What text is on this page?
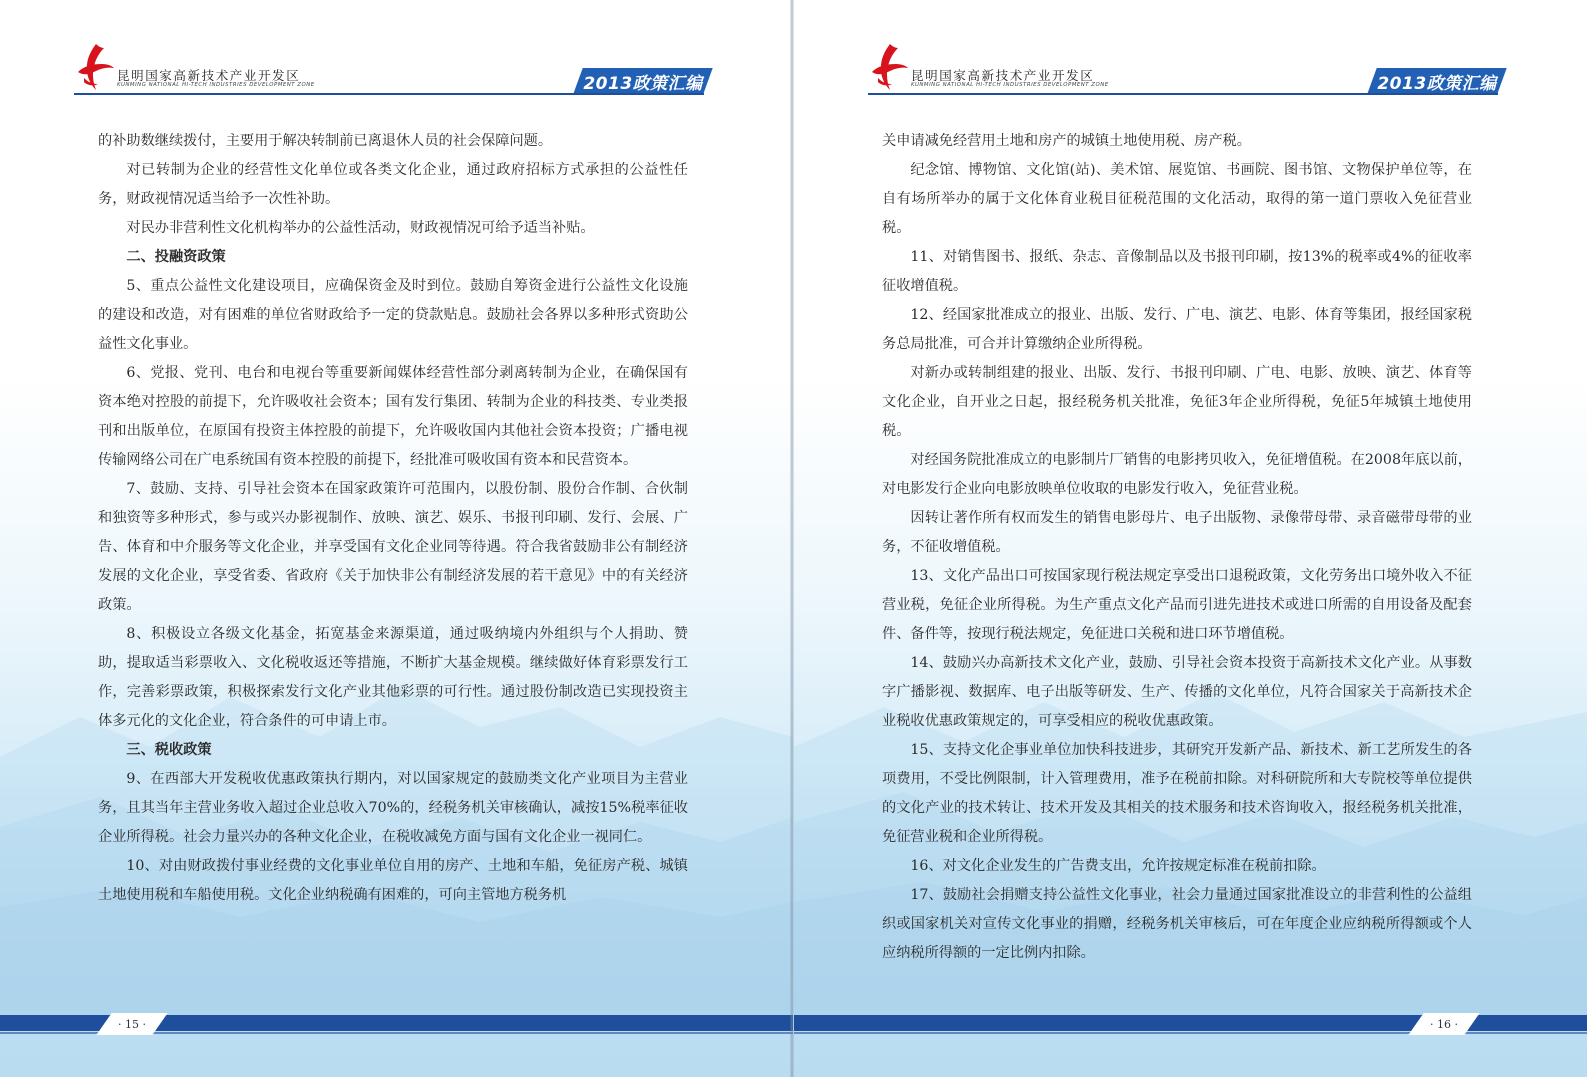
昆明国家高新技术产业开发区
KUNMING NATIONAL HI-TECH INDUSTRIES DEVELOPMENT ZONE	2013政策汇编

的补助数继续拨付，主要用于解决转制前已离退休人员的社会保障问题。

对已转制为企业的经营性文化单位或各类文化企业，通过政府招标方式承担的公益性任务，财政视情况适当给予一次性补助。

对民办非营利性文化机构举办的公益性活动，财政视情况可给予适当补贴。

二、投融资政策

5、重点公益性文化建设项目，应确保资金及时到位。鼓励自筹资金进行公益性文化设施的建设和改造，对有困难的单位省财政给予一定的贷款贴息。鼓励社会各界以多种形式资助公益性文化事业。

6、党报、党刊、电台和电视台等重要新闻媒体经营性部分剥离转制为企业，在确保国有资本绝对控股的前提下，允许吸收社会资本；国有发行集团、转制为企业的科技类、专业类报刊和出版单位，在原国有投资主体控股的前提下，允许吸收国内其他社会资本投资；广播电视传输网络公司在广电系统国有资本控股的前提下，经批准可吸收国有资本和民营资本。

7、鼓励、支持、引导社会资本在国家政策许可范围内，以股份制、股份合作制、合伙制和独资等多种形式，参与或兴办影视制作、放映、演艺、娱乐、书报刊印刷、发行、会展、广告、体育和中介服务等文化企业，并享受国有文化企业同等待遇。符合我省鼓励非公有制经济发展的文化企业，享受省委、省政府《关于加快非公有制经济发展的若干意见》中的有关经济政策。

8、积极设立各级文化基金，拓宽基金来源渠道，通过吸纳境内外组织与个人捐助、赞助，提取适当彩票收入、文化税收返还等措施，不断扩大基金规模。继续做好体育彩票发行工作，完善彩票政策，积极探索发行文化产业其他彩票的可行性。通过股份制改造已实现投资主体多元化的文化企业，符合条件的可申请上市。

三、税收政策

9、在西部大开发税收优惠政策执行期内，对以国家规定的鼓励类文化产业项目为主营业务，且其当年主营业务收入超过企业总收入70%的，经税务机关审核确认，减按15%税率征收企业所得税。社会力量兴办的各种文化企业，在税收减免方面与国有文化企业一视同仁。

10、对由财政拨付事业经费的文化事业单位自用的房产、土地和车船，免征房产税、城镇土地使用税和车船使用税。文化企业纳税确有困难的，可向主管地方税务机

· 15 ·
昆明国家高新技术产业开发区
KUNMING NATIONAL HI-TECH INDUSTRIES DEVELOPMENT ZONE	2013政策汇编

关申请减免经营用土地和房产的城镇土地使用税、房产税。

纪念馆、博物馆、文化馆(站)、美术馆、展览馆、书画院、图书馆、文物保护单位等，在自有场所举办的属于文化体育业税目征税范围的文化活动，取得的第一道门票收入免征营业税。

11、对销售图书、报纸、杂志、音像制品以及书报刊印刷，按13%的税率或4%的征收率征收增值税。

12、经国家批准成立的报业、出版、发行、广电、演艺、电影、体育等集团，报经国家税务总局批准，可合并计算缴纳企业所得税。

对新办或转制组建的报业、出版、发行、书报刊印刷、广电、电影、放映、演艺、体育等文化企业，自开业之日起，报经税务机关批准，免征3年企业所得税，免征5年城镇土地使用税。

对经国务院批准成立的电影制片厂销售的电影拷贝收入，免征增值税。在2008年底以前，对电影发行企业向电影放映单位收取的电影发行收入，免征营业税。

因转让著作所有权而发生的销售电影母片、电子出版物、录像带母带、录音磁带母带的业务，不征收增值税。

13、文化产品出口可按国家现行税法规定享受出口退税政策，文化劳务出口境外收入不征营业税，免征企业所得税。为生产重点文化产品而引进先进技术或进口所需的自用设备及配套件、备件等，按现行税法规定，免征进口关税和进口环节增值税。

14、鼓励兴办高新技术文化产业，鼓励、引导社会资本投资于高新技术文化产业。从事数字广播影视、数据库、电子出版等研发、生产、传播的文化单位，凡符合国家关于高新技术企业税收优惠政策规定的，可享受相应的税收优惠政策。

15、支持文化企事业单位加快科技进步，其研究开发新产品、新技术、新工艺所发生的各项费用，不受比例限制，计入管理费用，准予在税前扣除。对科研院所和大专院校等单位提供的文化产业的技术转让、技术开发及其相关的技术服务和技术咨询收入，报经税务机关批准，免征营业税和企业所得税。

16、对文化企业发生的广告费支出，允许按规定标准在税前扣除。

17、鼓励社会捐赠支持公益性文化事业，社会力量通过国家批准设立的非营利性的公益组织或国家机关对宣传文化事业的捐赠，经税务机关审核后，可在年度企业应纳税所得额或个人应纳税所得额的一定比例内扣除。

· 16 ·
